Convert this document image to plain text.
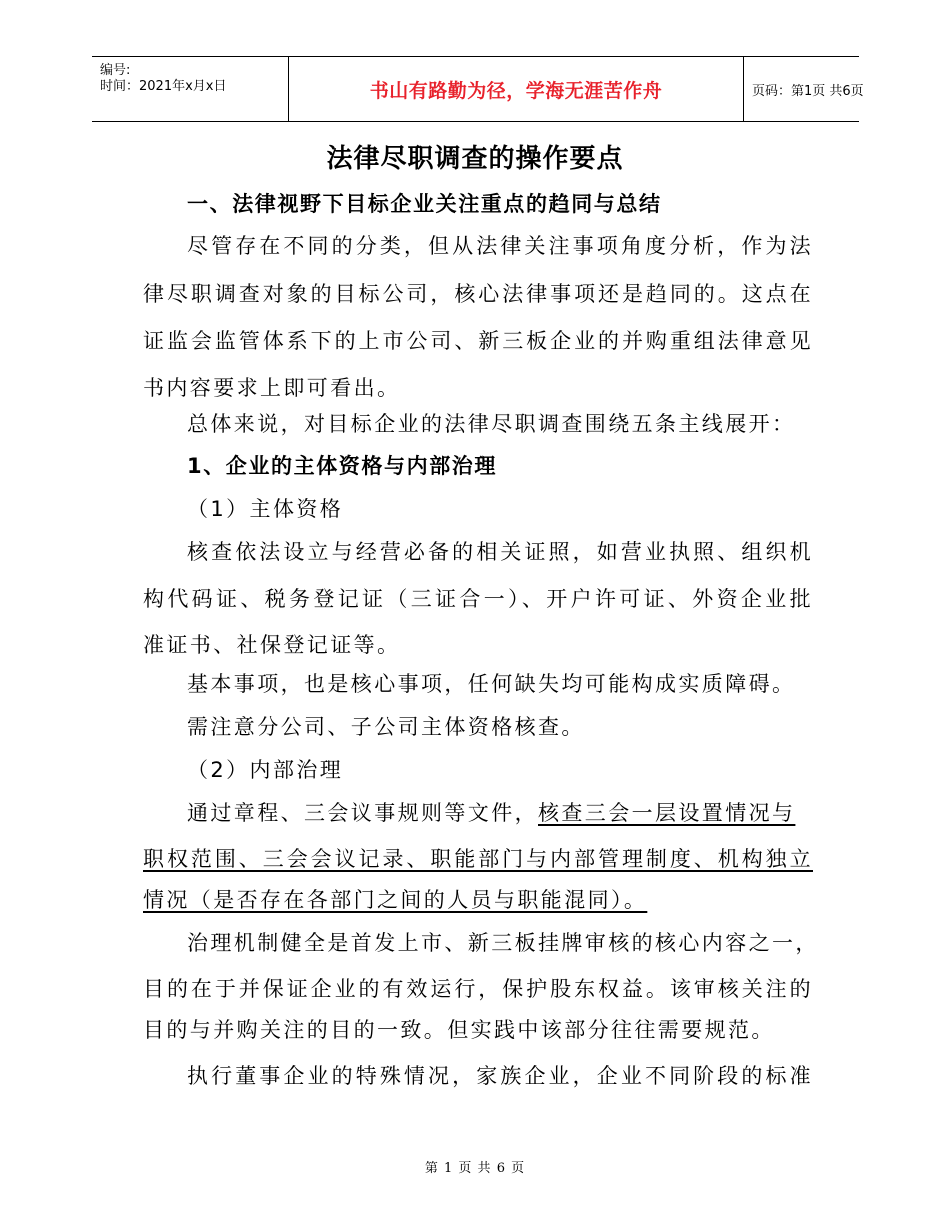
编号:
时间：2021年x月x日	书山有路勤为径，学海无涯苦作舟	页码：第1页 共6页
法律尽职调查的操作要点
一、法律视野下目标企业关注重点的趋同与总结
尽管存在不同的分类，但从法律关注事项角度分析，作为法
律尽职调查对象的目标公司，核心法律事项还是趋同的。这点在
证监会监管体系下的上市公司、新三板企业的并购重组法律意见
书内容要求上即可看出。
总体来说，对目标企业的法律尽职调查围绕五条主线展开：
1、企业的主体资格与内部治理
（1）主体资格
核查依法设立与经营必备的相关证照，如营业执照、组织机
构代码证、税务登记证（三证合一）、开户许可证、外资企业批
准证书、社保登记证等。
基本事项，也是核心事项，任何缺失均可能构成实质障碍。
需注意分公司、子公司主体资格核查。
（2）内部治理
通过章程、三会议事规则等文件，核查三会一层设置情况与
职权范围、三会会议记录、职能部门与内部管理制度、机构独立
情况（是否存在各部门之间的人员与职能混同）。
治理机制健全是首发上市、新三板挂牌审核的核心内容之一，
目的在于并保证企业的有效运行，保护股东权益。该审核关注的
目的与并购关注的目的一致。但实践中该部分往往需要规范。
执行董事企业的特殊情况，家族企业，企业不同阶段的标准
第 1 页 共 6 页
